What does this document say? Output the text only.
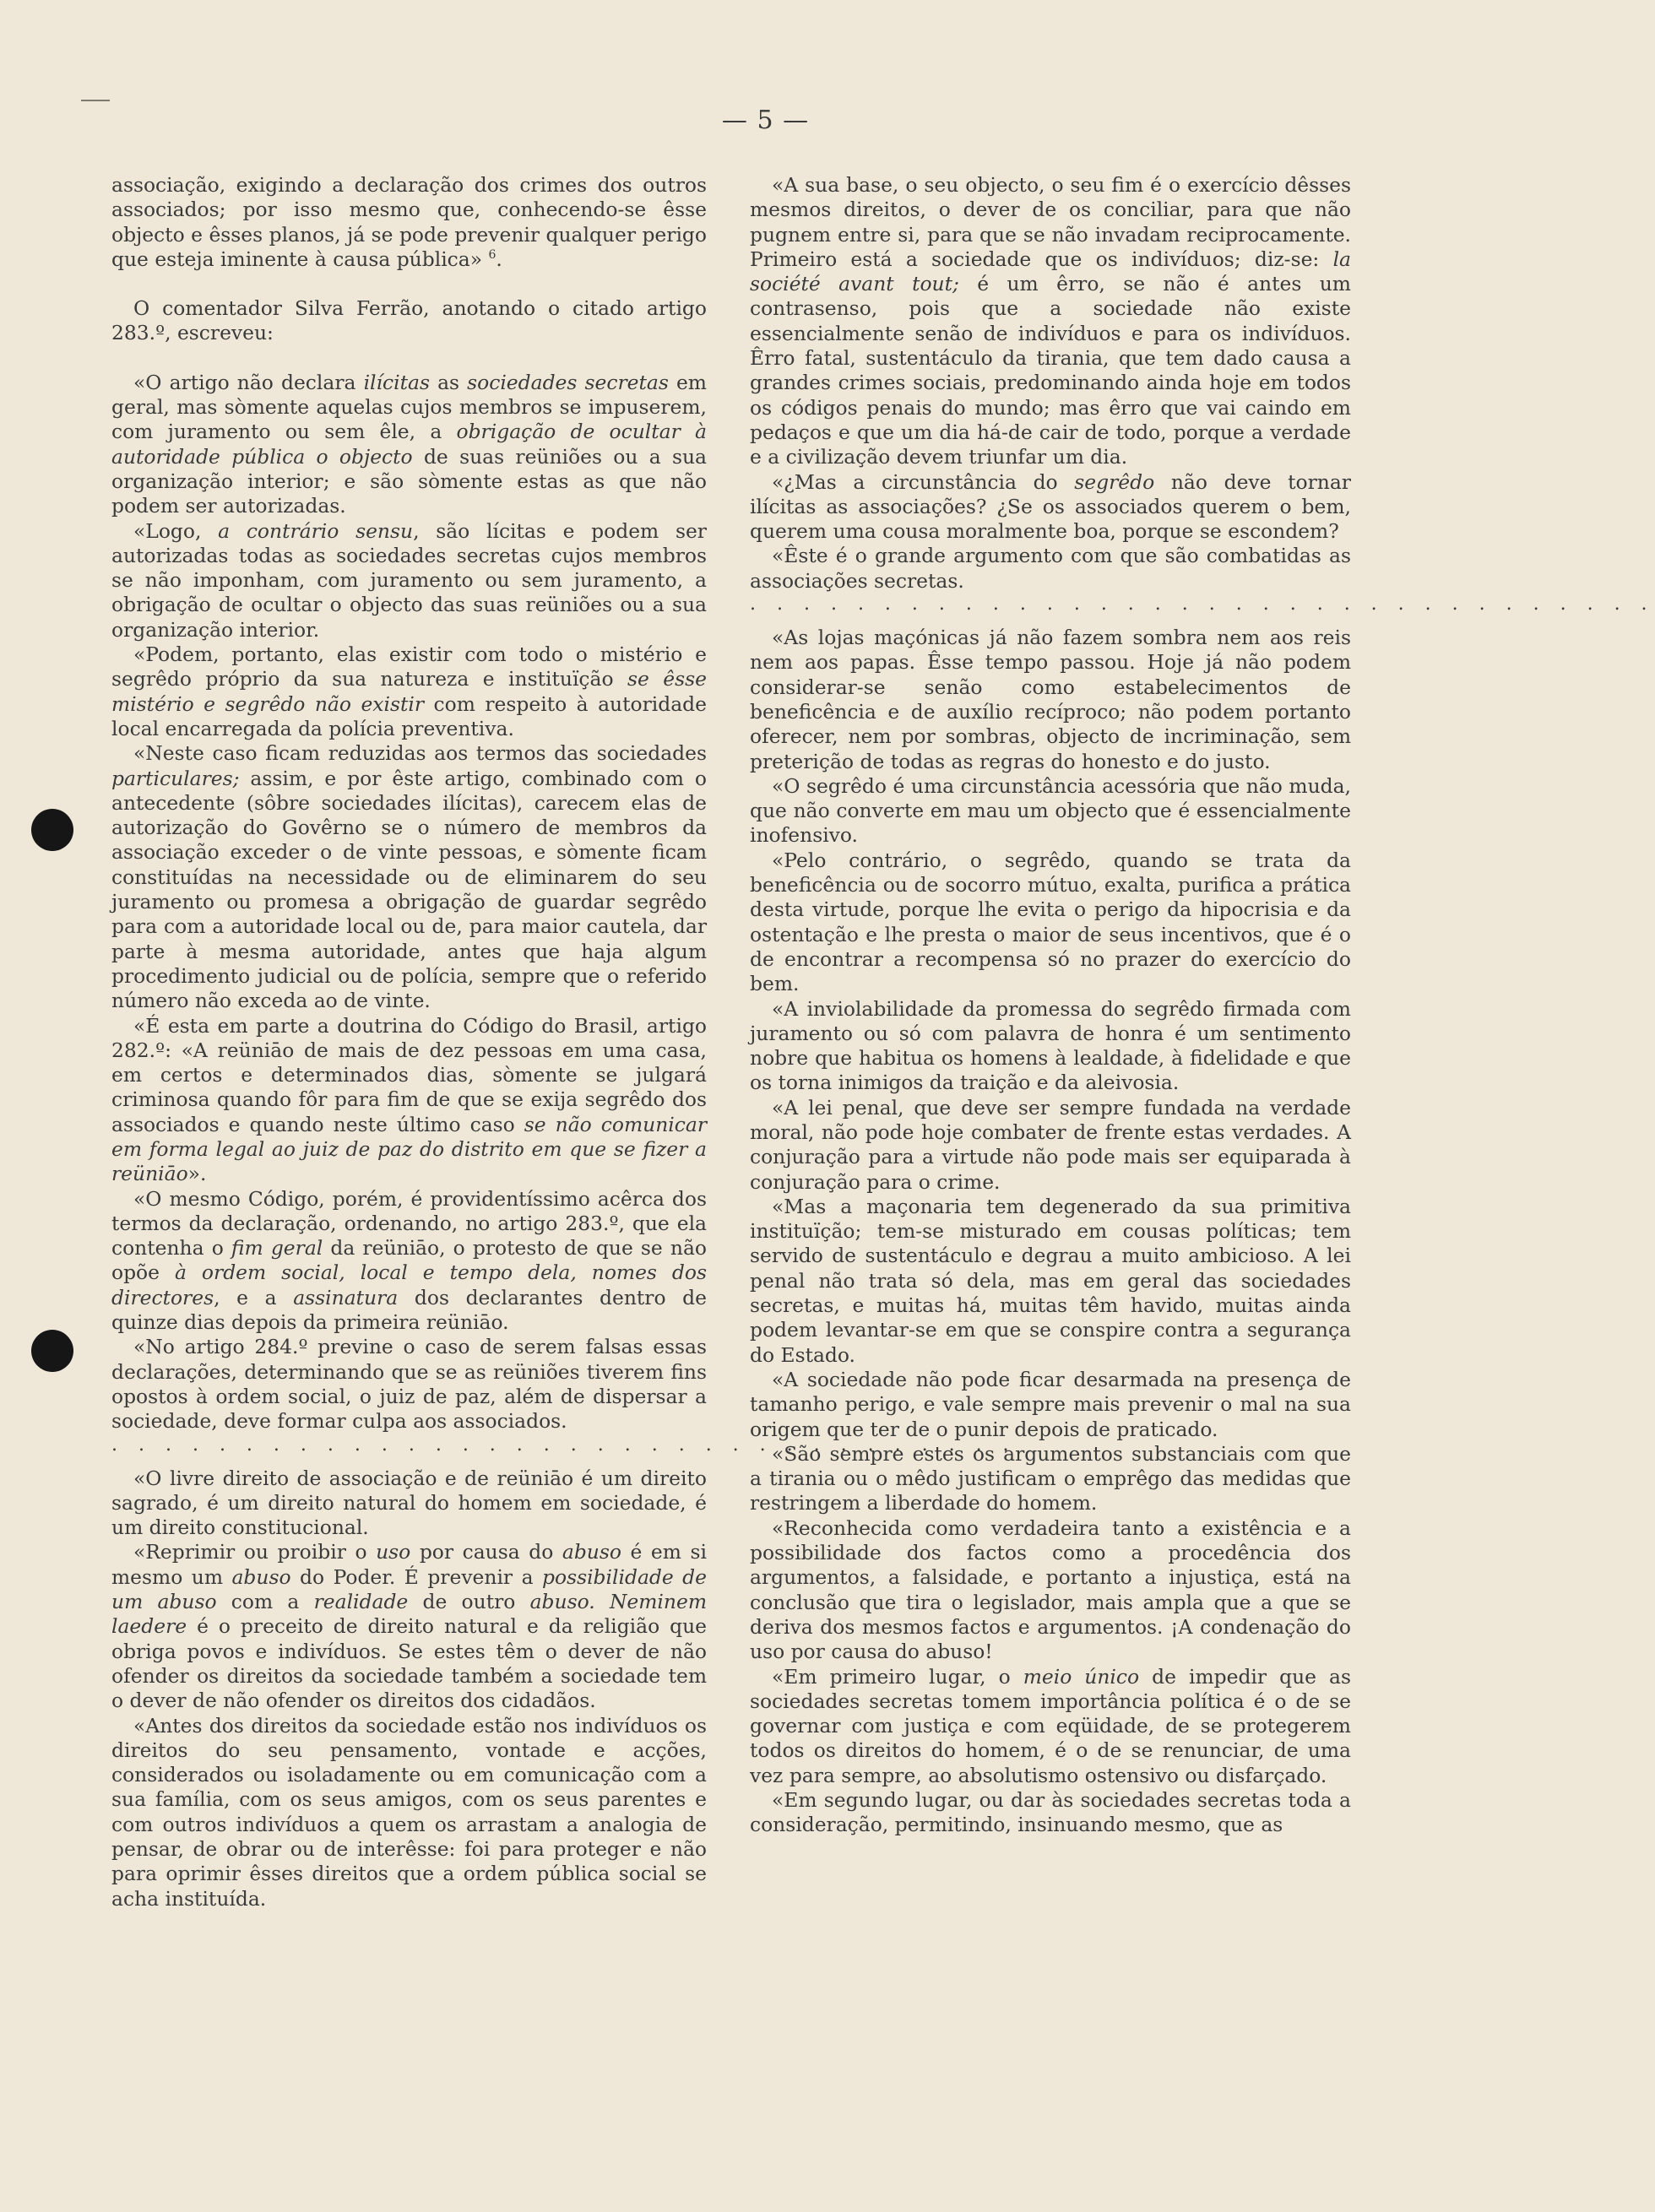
— 5 —

associação, exigindo a declaração dos crimes dos outros associados; por isso mesmo que, conhecendo-se êsse objecto e êsses planos, já se pode prevenir qualquer perigo que esteja iminente à causa pública» $^6$.

O comentador Silva Ferrão, anotando o citado artigo 283.º, escreveu:

«O artigo não declara ilícitas as sociedades secretas em geral, mas sòmente aquelas cujos membros se impuserem, com juramento ou sem êle, a obrigação de ocultar à autoridade pública o objecto de suas reüniões ou a sua organização interior; e são sòmente estas as que não podem ser autorizadas.

«Logo, a contrário sensu, são lícitas e podem ser autorizadas todas as sociedades secretas cujos membros se não imponham, com juramento ou sem juramento, a obrigação de ocultar o objecto das suas reüniões ou a sua organização interior.

«Podem, portanto, elas existir com todo o mistério e segrêdo próprio da sua natureza e instituïção se êsse mistério e segrêdo não existir com respeito à autoridade local encarregada da polícia preventiva.

«Neste caso ficam reduzidas aos termos das sociedades particulares; assim, e por êste artigo, combinado com o antecedente (sôbre sociedades ilícitas), carecem elas de autorização do Govêrno se o número de membros da associação exceder o de vinte pessoas, e sòmente ficam constituídas na necessidade ou de eliminarem do seu juramento ou promesa a obrigação de guardar segrêdo para com a autoridade local ou de, para maior cautela, dar parte à mesma autoridade, antes que haja algum procedimento judicial ou de polícia, sempre que o referido número não exceda ao de vinte.

«É esta em parte a doutrina do Código do Brasil, artigo 282.º: «A reüniāo de mais de dez pessoas em uma casa, em certos e determinados dias, sòmente se julgará criminosa quando fôr para fim de que se exija segrêdo dos associados e quando neste último caso se não comunicar em forma legal ao juiz de paz do distrito em que se fizer a reüniāo».

«O mesmo Código, porém, é providentíssimo acêrca dos termos da declaração, ordenando, no artigo 283.º, que ela contenha o fim geral da reüniāo, o protesto de que se não opõe à ordem social, local e tempo dela, nomes dos directores, e a assinatura dos declarantes dentro de quinze dias depois da primeira reüniāo.

«No artigo 284.º previne o caso de serem falsas essas declarações, determinando que se as reüniões tiverem fins opostos à ordem social, o juiz de paz, além de dispersar a sociedade, deve formar culpa aos associados.

. . . . . . . . . . . . . . . . . . . . . . . . . . . . . . . . . .

«O livre direito de associação e de reüniāo é um direito sagrado, é um direito natural do homem em sociedade, é um direito constitucional.

«Reprimir ou proibir o uso por causa do abuso é em si mesmo um abuso do Poder. É prevenir a possibilidade de um abuso com a realidade de outro abuso. Neminem laedere é o preceito de direito natural e da religião que obriga povos e indivíduos. Se estes têm o dever de não ofender os direitos da sociedade também a sociedade tem o dever de não ofender os direitos dos cidadãos.

«Antes dos direitos da sociedade estão nos indivíduos os direitos do seu pensamento, vontade e acções, considerados ou isoladamente ou em comunicação com a sua família, com os seus amigos, com os seus parentes e com outros indivíduos a quem os arrastam a analogia de pensar, de obrar ou de interêsse: foi para proteger e não para oprimir êsses direitos que a ordem pública social se acha instituída.

«A sua base, o seu objecto, o seu fim é o exercício dêsses mesmos direitos, o dever de os conciliar, para que não pugnem entre si, para que se não invadam reciprocamente. Primeiro está a sociedade que os indivíduos; diz-se: la société avant tout; é um êrro, se não é antes um contrasenso, pois que a sociedade não existe essencialmente senão de indivíduos e para os indivíduos. Êrro fatal, sustentáculo da tirania, que tem dado causa a grandes crimes sociais, predominando ainda hoje em todos os códigos penais do mundo; mas êrro que vai caindo em pedaços e que um dia há-de cair de todo, porque a verdade e a civilização devem triunfar um dia.

«¿Mas a circunstância do segrêdo não deve tornar ilícitas as associações? ¿Se os associados querem o bem, querem uma cousa moralmente boa, porque se escondem?

«Êste é o grande argumento com que são combatidas as associações secretas.

. . . . . . . . . . . . . . . . . . . . . . . . . . . . . . . . . .

«As lojas maçónicas já não fazem sombra nem aos reis nem aos papas. Êsse tempo passou. Hoje já não podem considerar-se senão como estabelecimentos de beneficência e de auxílio recíproco; não podem portanto oferecer, nem por sombras, objecto de incriminação, sem preterição de todas as regras do honesto e do justo.

«O segrêdo é uma circunstância acessória que não muda, que não converte em mau um objecto que é essencialmente inofensivo.

«Pelo contrário, o segrêdo, quando se trata da beneficência ou de socorro mútuo, exalta, purifica a prática desta virtude, porque lhe evita o perigo da hipocrisia e da ostentação e lhe presta o maior de seus incentivos, que é o de encontrar a recompensa só no prazer do exercício do bem.

«A inviolabilidade da promessa do segrêdo firmada com juramento ou só com palavra de honra é um sentimento nobre que habitua os homens à lealdade, à fidelidade e que os torna inimigos da traição e da aleivosia.

«A lei penal, que deve ser sempre fundada na verdade moral, não pode hoje combater de frente estas verdades. A conjuração para a virtude não pode mais ser equiparada à conjuração para o crime.

«Mas a maçonaria tem degenerado da sua primitiva instituïção; tem-se misturado em cousas políticas; tem servido de sustentáculo e degrau a muito ambicioso. A lei penal não trata só dela, mas em geral das sociedades secretas, e muitas há, muitas têm havido, muitas ainda podem levantar-se em que se conspire contra a segurança do Estado.

«A sociedade não pode ficar desarmada na presença de tamanho perigo, e vale sempre mais prevenir o mal na sua origem que ter de o punir depois de praticado.

«São sempre estes os argumentos substanciais com que a tirania ou o mêdo justificam o emprêgo das medidas que restringem a liberdade do homem.

«Reconhecida como verdadeira tanto a existência e a possibilidade dos factos como a procedência dos argumentos, a falsidade, e portanto a injustiça, está na conclusão que tira o legislador, mais ampla que a que se deriva dos mesmos factos e argumentos. ¡A condenação do uso por causa do abuso!

«Em primeiro lugar, o meio único de impedir que as sociedades secretas tomem importância política é o de se governar com justiça e com eqüidade, de se protegerem todos os direitos do homem, é o de se renunciar, de uma vez para sempre, ao absolutismo ostensivo ou disfarçado.

«Em segundo lugar, ou dar às sociedades secretas toda a consideração, permitindo, insinuando mesmo, que as
